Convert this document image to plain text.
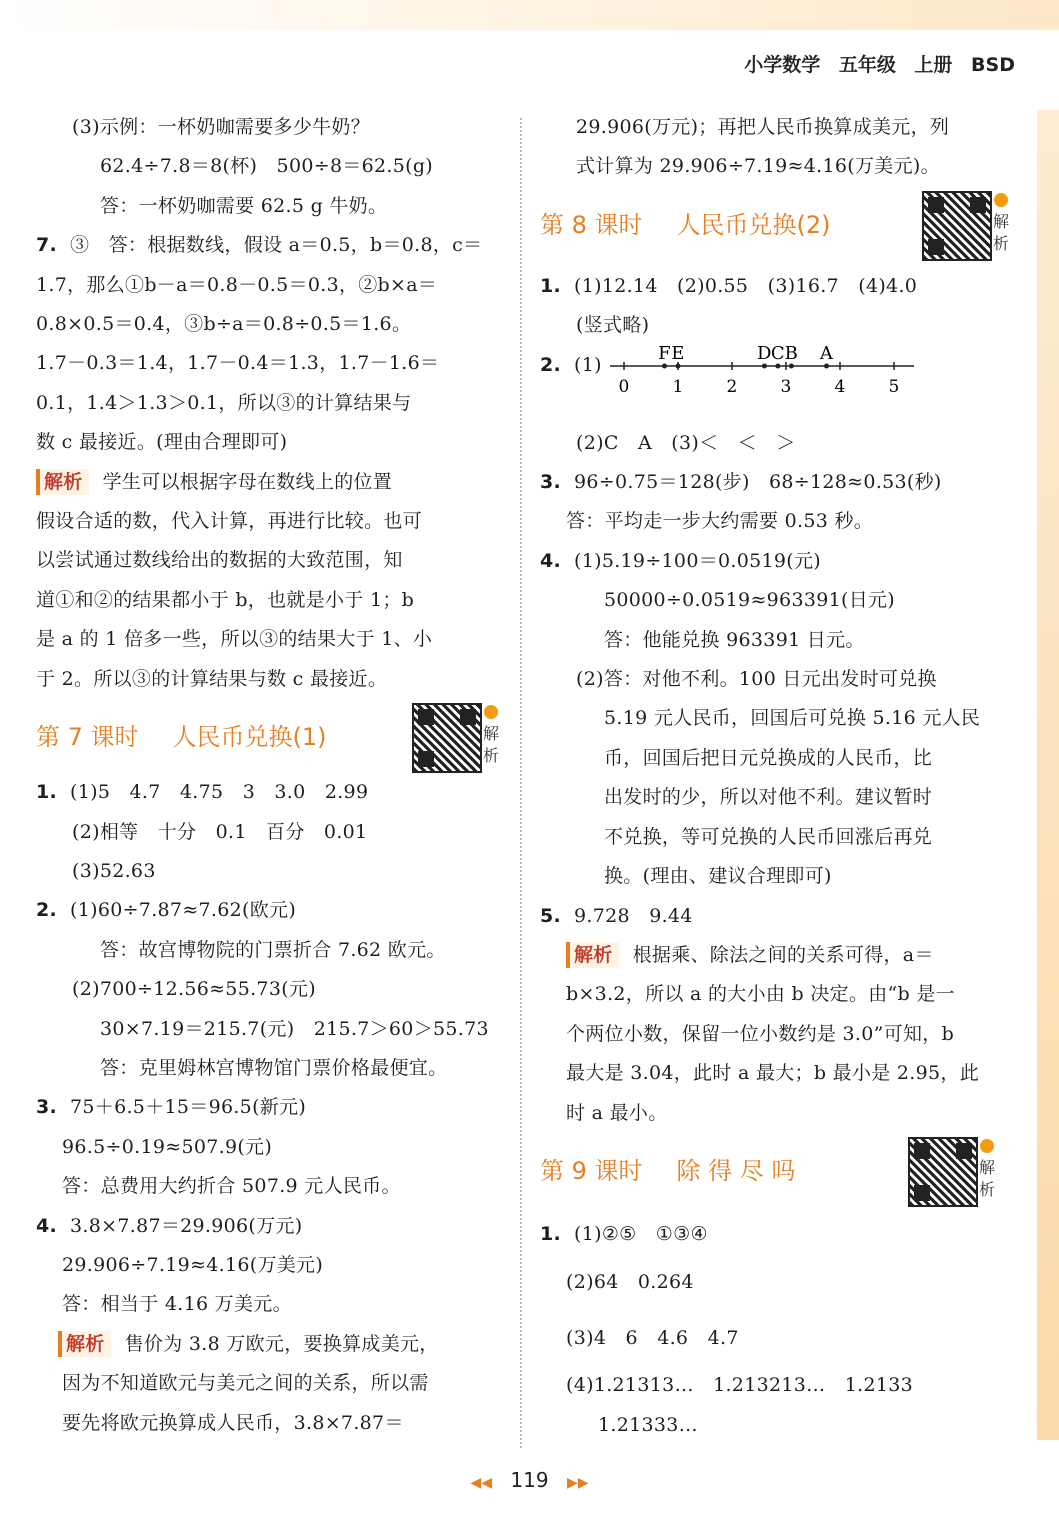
小学数学 五年级 上册 BSD
(3)示例：一杯奶咖需要多少牛奶？
62.4÷7.8＝8(杯)　500÷8＝62.5(g)
答：一杯奶咖需要 62.5 g 牛奶。
7. ③　答：根据数线，假设 a＝0.5，b＝0.8，c＝
1.7，那么①b－a＝0.8－0.5＝0.3，②b×a＝
0.8×0.5＝0.4，③b÷a＝0.8÷0.5＝1.6。
1.7－0.3＝1.4，1.7－0.4＝1.3，1.7－1.6＝
0.1，1.4＞1.3＞0.1，所以③的计算结果与
数 c 最接近。(理由合理即可)
解析 学生可以根据字母在数线上的位置
假设合适的数，代入计算，再进行比较。也可
以尝试通过数线给出的数据的大致范围，知
道①和②的结果都小于 b，也就是小于 1；b
是 a 的 1 倍多一些，所以③的结果大于 1、小
于 2。所以③的计算结果与数 c 最接近。
第 7 课时 人民币兑换(1)	解析
1. (1)5　4.7　4.75　3　3.0　2.99
(2)相等　十分　0.1　百分　0.01
(3)52.63
2. (1)60÷7.87≈7.62(欧元)
答：故宫博物院的门票折合 7.62 欧元。
(2)700÷12.56≈55.73(元)
30×7.19＝215.7(元)　215.7＞60＞55.73
答：克里姆林宫博物馆门票价格最便宜。
3. 75＋6.5＋15＝96.5(新元)
96.5÷0.19≈507.9(元)
答：总费用大约折合 507.9 元人民币。
4. 3.8×7.87＝29.906(万元)
29.906÷7.19≈4.16(万美元)
答：相当于 4.16 万美元。
解析 售价为 3.8 万欧元，要换算成美元，
因为不知道欧元与美元之间的关系，所以需
要先将欧元换算成人民币，3.8×7.87＝
29.906(万元)；再把人民币换算成美元，列
式计算为 29.906÷7.19≈4.16(万美元)。
第 8 课时 人民币兑换(2)	解析
1. (1)12.14　(2)0.55　(3)16.7　(4)4.0
(竖式略)
2. (1)
0	1	2	3	4	5
F E	D C B A
(2)C　A　(3)＜　＜　＞
3. 96÷0.75＝128(步)　68÷128≈0.53(秒)
答：平均走一步大约需要 0.53 秒。
4. (1)5.19÷100＝0.0519(元)
50000÷0.0519≈963391(日元)
答：他能兑换 963391 日元。
(2)答：对他不利。100 日元出发时可兑换
5.19 元人民币，回国后可兑换 5.16 元人民
币，回国后把日元兑换成的人民币，比
出发时的少，所以对他不利。建议暂时
不兑换，等可兑换的人民币回涨后再兑
换。(理由、建议合理即可)
5. 9.728　9.44
解析 根据乘、除法之间的关系可得，a＝
b×3.2，所以 a 的大小由 b 决定。由“b 是一
个两位小数，保留一位小数约是 3.0”可知，b
最大是 3.04，此时 a 最大；b 最小是 2.95，此
时 a 最小。
第 9 课时 除 得 尽 吗	解析
1. (1)②⑤　①③④
(2)64　0.264
(3)4　6　4.6　4.7
(4)1.21313…　1.213213…　1.2133
1.21333…
◀◀ 119 ▶▶
